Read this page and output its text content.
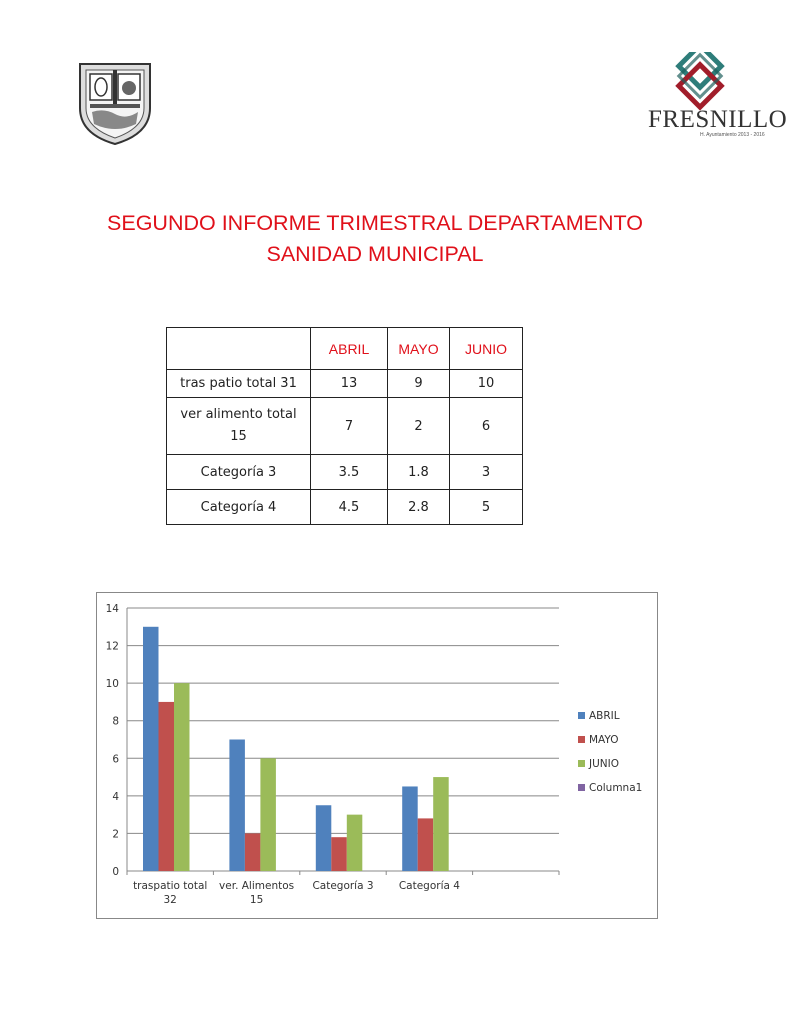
FRESNILLO
H. Ayuntamiento 2013 - 2016
SEGUNDO INFORME TRIMESTRAL DEPARTAMENTO
SANIDAD MUNICIPAL
	ABRIL	MAYO	JUNIO
tras patio total 31	13	9	10
ver alimento total 15	7	2	6
Categoría 3	3.5	1.8	3
Categoría 4	4.5	2.8	5
0
2
4
6
8
10
12
14
traspatio total
32
ver. Alimentos
15
Categoría 3 Categoría 4
ABRIL
MAYO
JUNIO
Columna1
